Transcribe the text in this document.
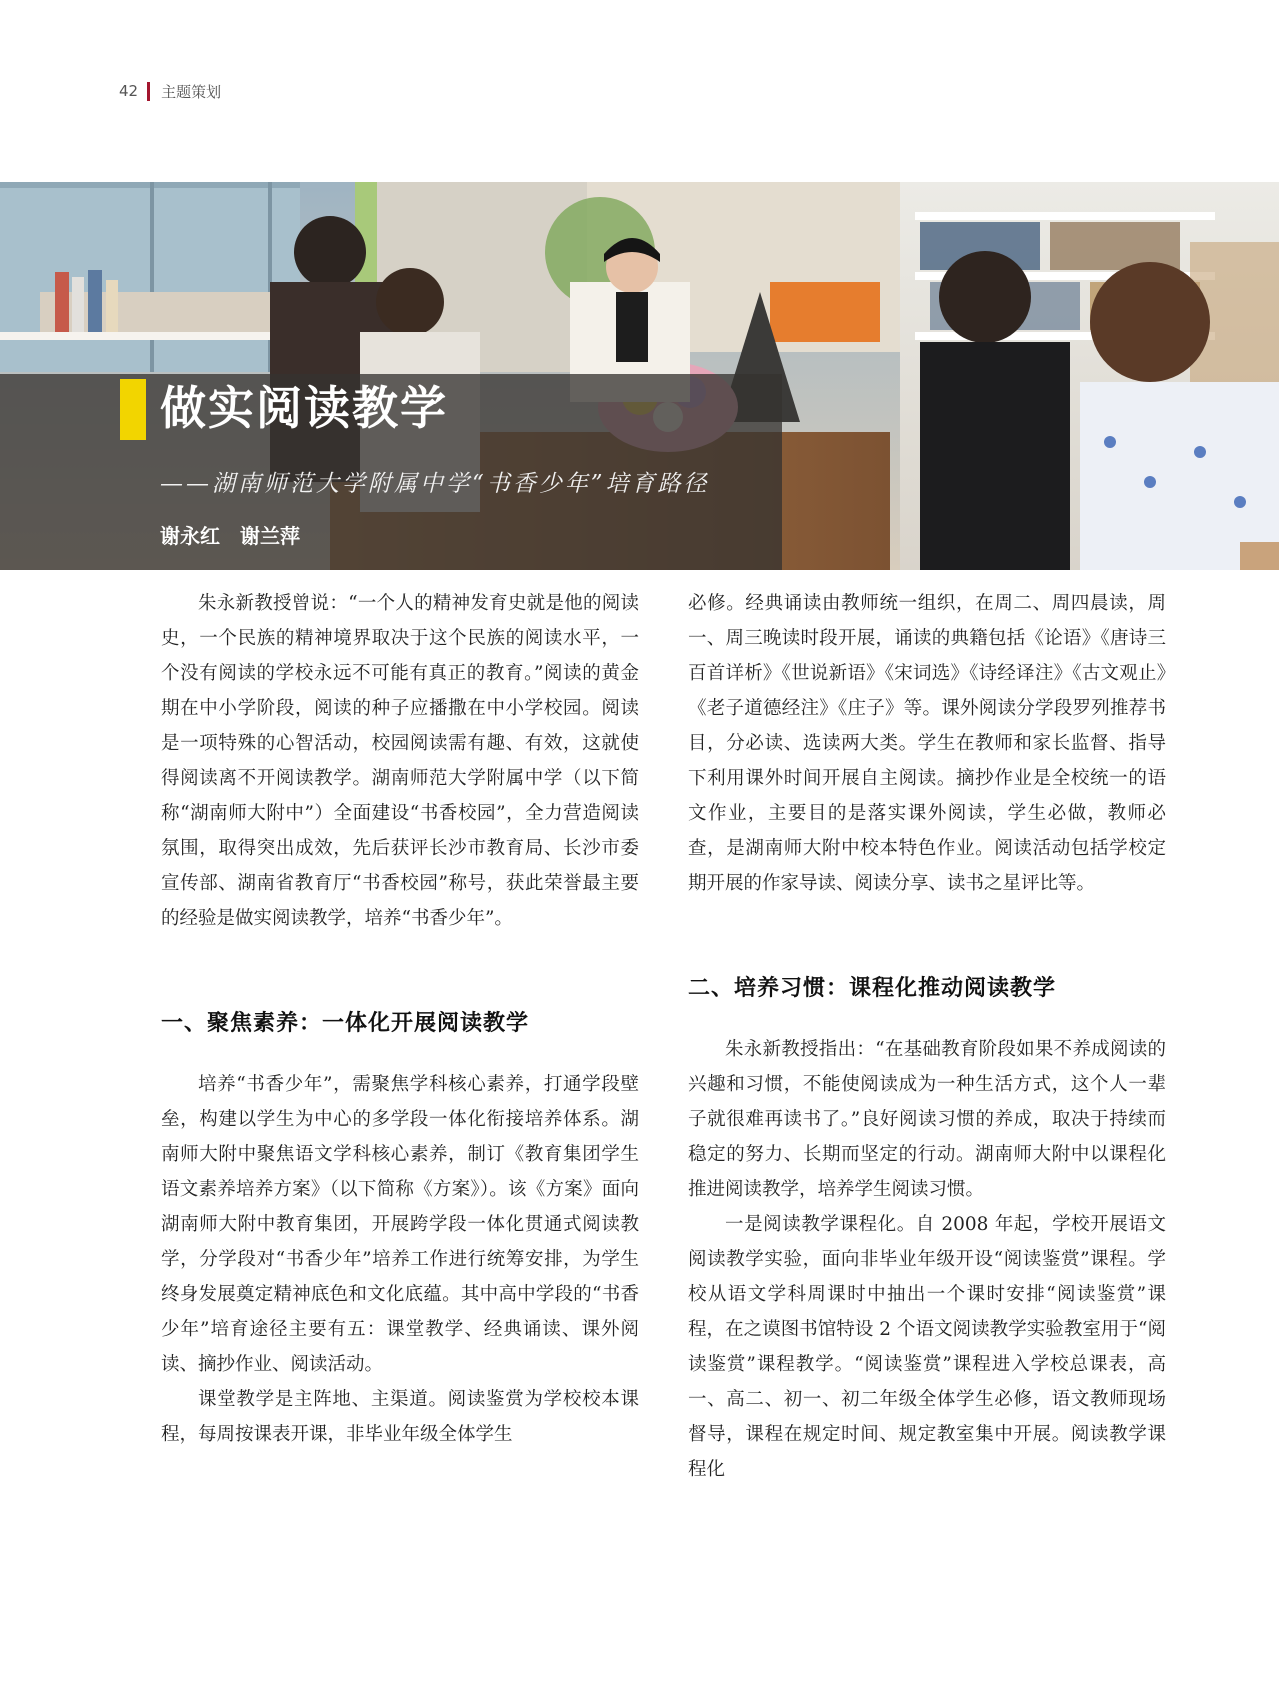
42 主题策划
做实阅读教学

——湖南师范大学附属中学“书香少年”培育路径

谢永红　谢兰萍

朱永新教授曾说：“一个人的精神发育史就是他的阅读史，一个民族的精神境界取决于这个民族的阅读水平，一个没有阅读的学校永远不可能有真正的教育。”阅读的黄金期在中小学阶段，阅读的种子应播撒在中小学校园。阅读是一项特殊的心智活动，校园阅读需有趣、有效，这就使得阅读离不开阅读教学。湖南师范大学附属中学（以下简称“湖南师大附中”）全面建设“书香校园”，全力营造阅读氛围，取得突出成效，先后获评长沙市教育局、长沙市委宣传部、湖南省教育厅“书香校园”称号，获此荣誉最主要的经验是做实阅读教学，培养“书香少年”。

一、聚焦素养：一体化开展阅读教学

培养“书香少年”，需聚焦学科核心素养，打通学段壁垒，构建以学生为中心的多学段一体化衔接培养体系。湖南师大附中聚焦语文学科核心素养，制订《教育集团学生语文素养培养方案》（以下简称《方案》）。该《方案》面向湖南师大附中教育集团，开展跨学段一体化贯通式阅读教学，分学段对“书香少年”培养工作进行统筹安排，为学生终身发展奠定精神底色和文化底蕴。其中高中学段的“书香少年”培育途径主要有五：课堂教学、经典诵读、课外阅读、摘抄作业、阅读活动。

课堂教学是主阵地、主渠道。阅读鉴赏为学校校本课程，每周按课表开课，非毕业年级全体学生

必修。经典诵读由教师统一组织，在周二、周四晨读，周一、周三晚读时段开展，诵读的典籍包括《论语》《唐诗三百首详析》《世说新语》《宋词选》《诗经译注》《古文观止》《老子道德经注》《庄子》等。课外阅读分学段罗列推荐书目，分必读、选读两大类。学生在教师和家长监督、指导下利用课外时间开展自主阅读。摘抄作业是全校统一的语文作业，主要目的是落实课外阅读，学生必做，教师必查，是湖南师大附中校本特色作业。阅读活动包括学校定期开展的作家导读、阅读分享、读书之星评比等。

二、培养习惯：课程化推动阅读教学

朱永新教授指出：“在基础教育阶段如果不养成阅读的兴趣和习惯，不能使阅读成为一种生活方式，这个人一辈子就很难再读书了。”良好阅读习惯的养成，取决于持续而稳定的努力、长期而坚定的行动。湖南师大附中以课程化推进阅读教学，培养学生阅读习惯。

一是阅读教学课程化。自 2008 年起，学校开展语文阅读教学实验，面向非毕业年级开设“阅读鉴赏”课程。学校从语文学科周课时中抽出一个课时安排“阅读鉴赏”课程，在之谟图书馆特设 2 个语文阅读教学实验教室用于“阅读鉴赏”课程教学。“阅读鉴赏”课程进入学校总课表，高一、高二、初一、初二年级全体学生必修，语文教师现场督导，课程在规定时间、规定教室集中开展。阅读教学课程化
